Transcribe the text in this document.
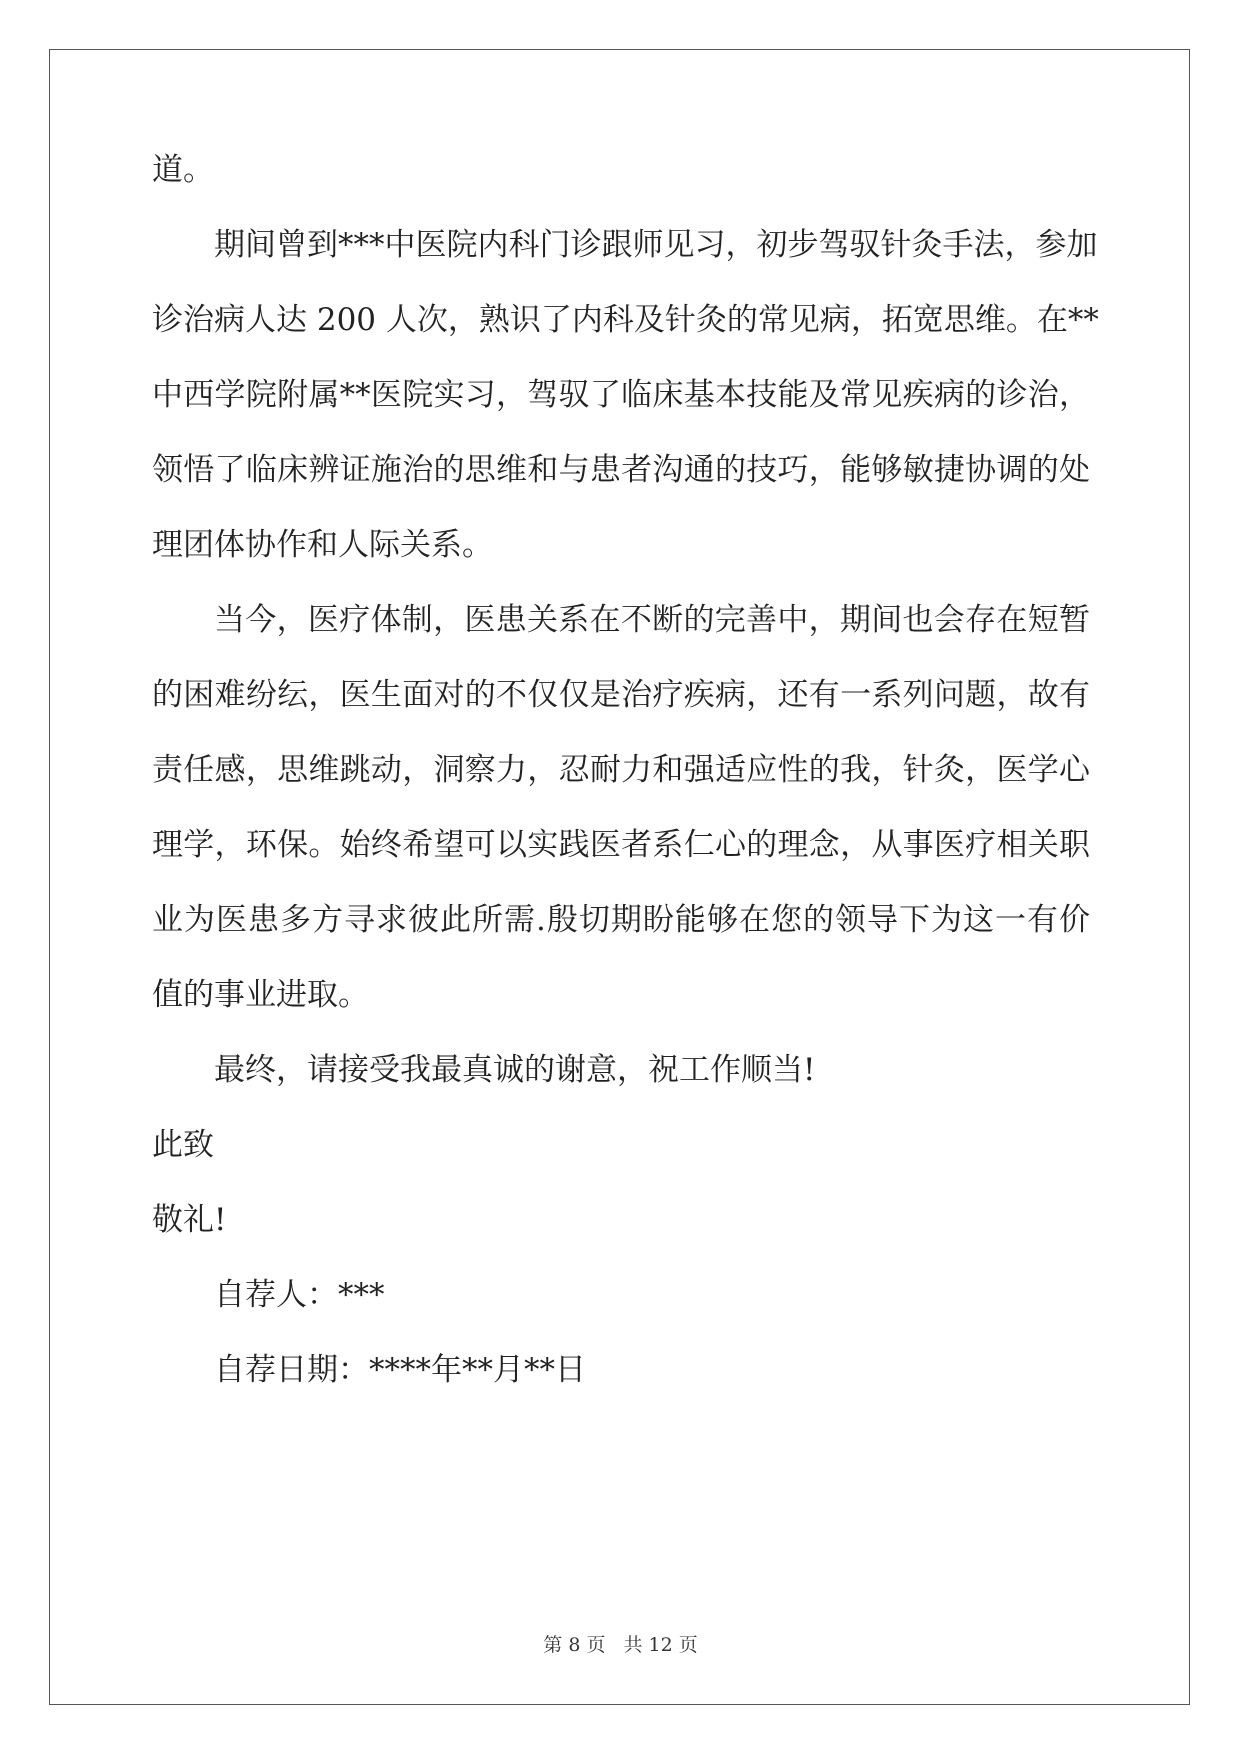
道。
期间曾到***中医院内科门诊跟师见习，初步驾驭针灸手法，参加
诊治病人达 200 人次，熟识了内科及针灸的常见病，拓宽思维。在**
中西学院附属**医院实习，驾驭了临床基本技能及常见疾病的诊治，
领悟了临床辨证施治的思维和与患者沟通的技巧，能够敏捷协调的处
理团体协作和人际关系。
当今，医疗体制，医患关系在不断的完善中，期间也会存在短暂
的困难纷纭，医生面对的不仅仅是治疗疾病，还有一系列问题，故有
责任感，思维跳动，洞察力，忍耐力和强适应性的我，针灸，医学心
理学，环保。始终希望可以实践医者系仁心的理念，从事医疗相关职
业为医患多方寻求彼此所需.殷切期盼能够在您的领导下为这一有价
值的事业进取。
最终，请接受我最真诚的谢意，祝工作顺当!
此致
敬礼!
自荐人：***
自荐日期：****年**月**日
第 8 页 共 12 页
